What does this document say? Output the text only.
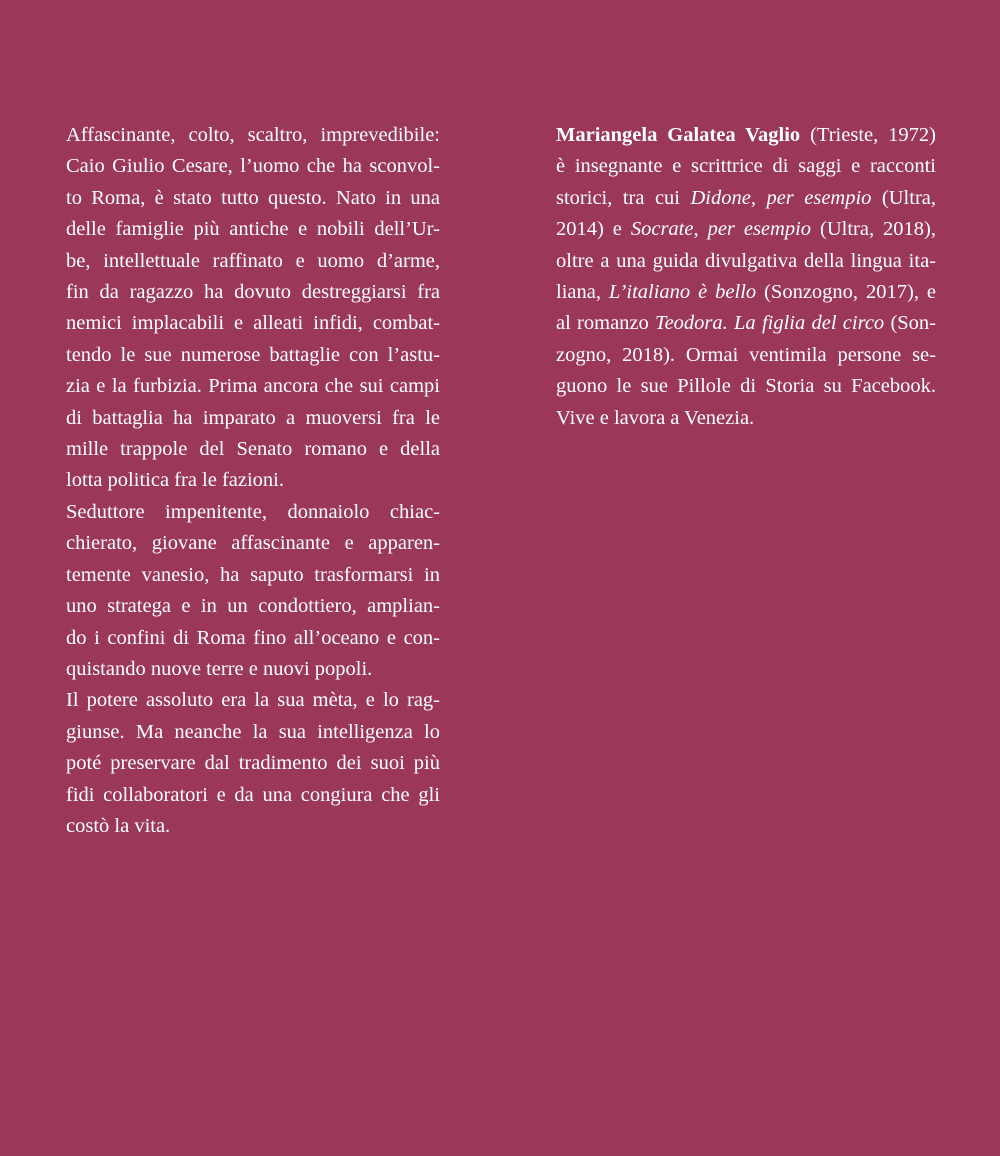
Affascinante, colto, scaltro, imprevedibile:
Caio Giulio Cesare, l’uomo che ha sconvol-
to Roma, è stato tutto questo. Nato in una
delle famiglie più antiche e nobili dell’Ur-
be, intellettuale raffinato e uomo d’arme,
fin da ragazzo ha dovuto destreggiarsi fra
nemici implacabili e alleati infidi, combat-
tendo le sue numerose battaglie con l’astu-
zia e la furbizia. Prima ancora che sui campi
di battaglia ha imparato a muoversi fra le
mille trappole del Senato romano e della
lotta politica fra le fazioni.
Seduttore impenitente, donnaiolo chiac-
chierato, giovane affascinante e apparen-
temente vanesio, ha saputo trasformarsi in
uno stratega e in un condottiero, amplian-
do i confini di Roma fino all’oceano e con-
quistando nuove terre e nuovi popoli.
Il potere assoluto era la sua mèta, e lo rag-
giunse. Ma neanche la sua intelligenza lo
poté preservare dal tradimento dei suoi più
fidi collaboratori e da una congiura che gli
costò la vita.
Mariangela Galatea Vaglio (Trieste, 1972)
è insegnante e scrittrice di saggi e racconti
storici, tra cui Didone, per esempio (Ultra,
2014) e Socrate, per esempio (Ultra, 2018),
oltre a una guida divulgativa della lingua ita-
liana, L’italiano è bello (Sonzogno, 2017), e
al romanzo Teodora. La figlia del circo (Son-
zogno, 2018). Ormai ventimila persone se-
guono le sue Pillole di Storia su Facebook.
Vive e lavora a Venezia.
